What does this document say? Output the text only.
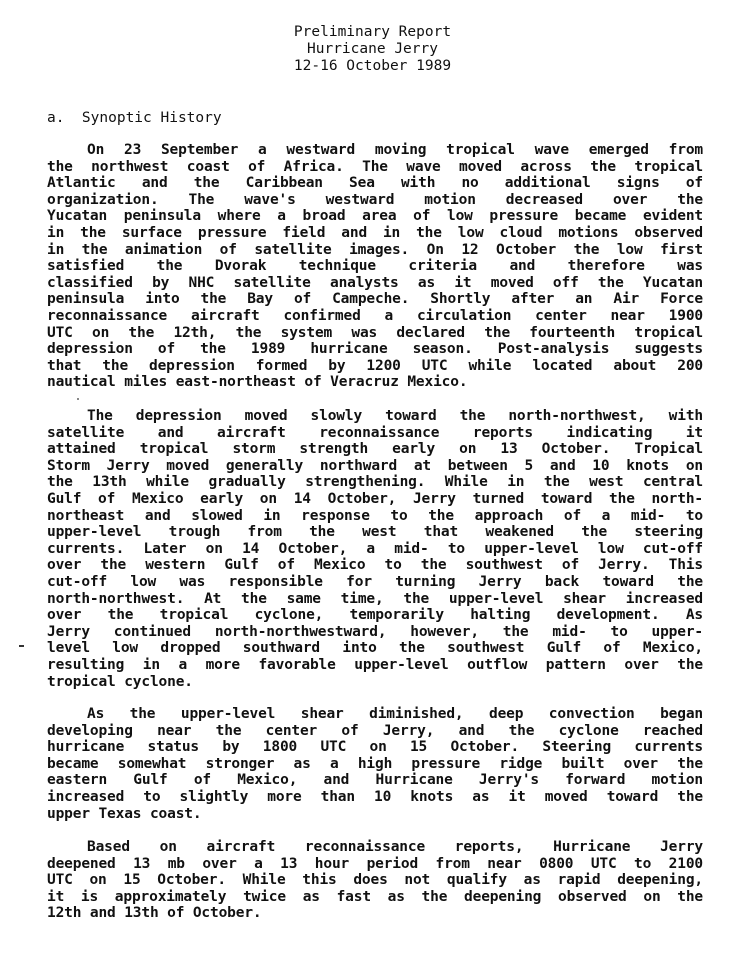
Preliminary Report
Hurricane Jerry
12-16 October 1989
a.  Synoptic History
On 23 September a westward moving tropical wave emerged from
the northwest coast of Africa. The wave moved across the tropical
Atlantic and the Caribbean Sea with no additional signs of
organization. The wave's westward motion decreased over the
Yucatan peninsula where a broad area of low pressure became evident
in the surface pressure field and in the low cloud motions observed
in the animation of satellite images. On 12 October the low first
satisfied the Dvorak technique criteria and therefore was
classified by NHC satellite analysts as it moved off the Yucatan
peninsula into the Bay of Campeche. Shortly after an Air Force
reconnaissance aircraft confirmed a circulation center near 1900
UTC on the 12th, the system was declared the fourteenth tropical
depression of the 1989 hurricane season. Post-analysis suggests
that the depression formed by 1200 UTC while located about 200
nautical miles east-northeast of Veracruz Mexico.
The depression moved slowly toward the north-northwest, with
satellite and aircraft reconnaissance reports indicating it
attained tropical storm strength early on 13 October. Tropical
Storm Jerry moved generally northward at between 5 and 10 knots on
the 13th while gradually strengthening. While in the west central
Gulf of Mexico early on 14 October, Jerry turned toward the north-
northeast and slowed in response to the approach of a mid- to
upper-level trough from the west that weakened the steering
currents. Later on 14 October, a mid- to upper-level low cut-off
over the western Gulf of Mexico to the southwest of Jerry. This
cut-off low was responsible for turning Jerry back toward the
north-northwest. At the same time, the upper-level shear increased
over the tropical cyclone, temporarily halting development. As
Jerry continued north-northwestward, however, the mid- to upper-
level low dropped southward into the southwest Gulf of Mexico,
resulting in a more favorable upper-level outflow pattern over the
tropical cyclone.
As the upper-level shear diminished, deep convection began
developing near the center of Jerry, and the cyclone reached
hurricane status by 1800 UTC on 15 October. Steering currents
became somewhat stronger as a high pressure ridge built over the
eastern Gulf of Mexico, and Hurricane Jerry's forward motion
increased to slightly more than 10 knots as it moved toward the
upper Texas coast.
Based on aircraft reconnaissance reports, Hurricane Jerry
deepened 13 mb over a 13 hour period from near 0800 UTC to 2100
UTC on 15 October. While this does not qualify as rapid deepening,
it is approximately twice as fast as the deepening observed on the
12th and 13th of October.
